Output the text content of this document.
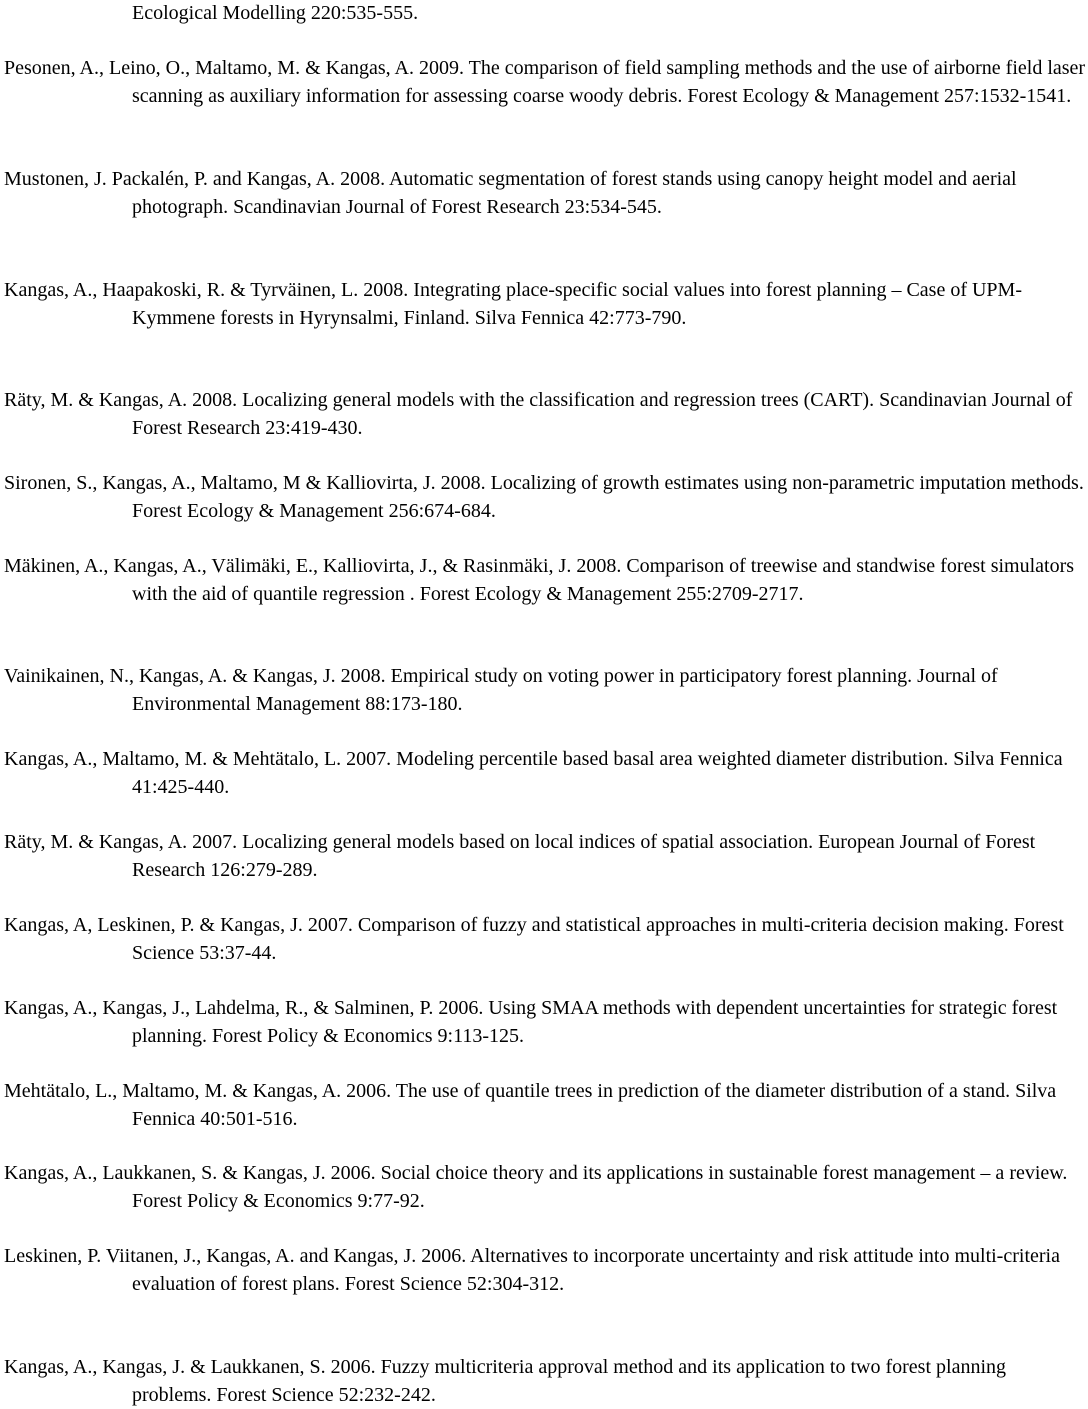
Ecological Modelling 220:535-555.

Pesonen, A., Leino, O., Maltamo, M. & Kangas, A. 2009. The comparison of field sampling methods and the use of airborne field laser scanning as auxiliary information for assessing coarse woody debris. Forest Ecology & Management 257:1532-1541.

Mustonen, J. Packalén, P. and Kangas, A. 2008. Automatic segmentation of forest stands using canopy height model and aerial photograph. Scandinavian Journal of Forest Research 23:534-545.

Kangas, A., Haapakoski, R. & Tyrväinen, L. 2008. Integrating place-specific social values into forest planning – Case of UPM-Kymmene forests in Hyrynsalmi, Finland. Silva Fennica 42:773-790.

Räty, M. & Kangas, A. 2008. Localizing general models with the classification and regression trees (CART). Scandinavian Journal of Forest Research 23:419-430.

Sironen, S., Kangas, A., Maltamo, M & Kalliovirta, J. 2008. Localizing of growth estimates using non-parametric imputation methods. Forest Ecology & Management 256:674-684.

Mäkinen, A., Kangas, A., Välimäki, E., Kalliovirta, J., & Rasinmäki, J. 2008. Comparison of treewise and standwise forest simulators with the aid of quantile regression . Forest Ecology & Management 255:2709-2717.

Vainikainen, N., Kangas, A. & Kangas, J. 2008. Empirical study on voting power in participatory forest planning. Journal of Environmental Management 88:173-180.

Kangas, A., Maltamo, M. & Mehtätalo, L. 2007. Modeling percentile based basal area weighted diameter distribution. Silva Fennica 41:425-440.

Räty, M. & Kangas, A. 2007. Localizing general models based on local indices of spatial association. European Journal of Forest Research 126:279-289.

Kangas, A, Leskinen, P. & Kangas, J. 2007. Comparison of fuzzy and statistical approaches in multi-criteria decision making. Forest Science 53:37-44.

Kangas, A., Kangas, J., Lahdelma, R., & Salminen, P. 2006. Using SMAA methods with dependent uncertainties for strategic forest planning. Forest Policy & Economics 9:113-125.

Mehtätalo, L., Maltamo, M. & Kangas, A. 2006. The use of quantile trees in prediction of the diameter distribution of a stand. Silva Fennica 40:501-516.

Kangas, A., Laukkanen, S. & Kangas, J. 2006. Social choice theory and its applications in sustainable forest management – a review. Forest Policy & Economics 9:77-92.

Leskinen, P. Viitanen, J., Kangas, A. and Kangas, J. 2006. Alternatives to incorporate uncertainty and risk attitude into multi-criteria evaluation of forest plans. Forest Science 52:304-312.

Kangas, A., Kangas, J. & Laukkanen, S. 2006. Fuzzy multicriteria approval method and its application to two forest planning problems. Forest Science 52:232-242.
